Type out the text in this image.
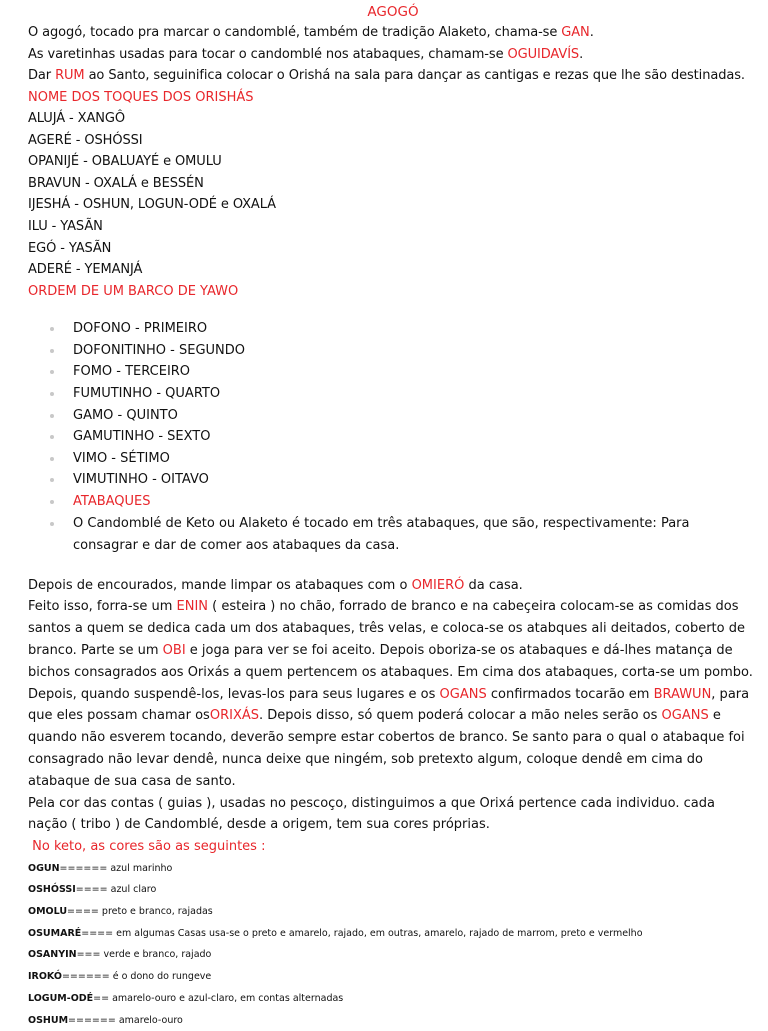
AGOGÓ

O agogó, tocado pra marcar o candomblé, também de tradição Alaketo, chama-se GAN.

As varetinhas usadas para tocar o candomblé nos atabaques, chamam-se OGUIDAVÍS.

Dar RUM ao Santo, seguinifica colocar o Orishá na sala para dançar as cantigas e rezas que lhe são destinadas.

NOME DOS TOQUES DOS ORISHÁS

ALUJÁ - XANGÔ

AGERÉ - OSHÓSSI

OPANIJÉ - OBALUAYÉ e OMULU

BRAVUN - OXALÁ e BESSÉN

IJESHÁ - OSHUN, LOGUN-ODÉ e OXALÁ

ILU - YASÃN

EGÓ - YASÃN

ADERÉ - YEMANJÁ

ORDEM DE UM BARCO DE YAWO

DOFONO - PRIMEIRO
DOFONITINHO - SEGUNDO
FOMO - TERCEIRO
FUMUTINHO - QUARTO
GAMO - QUINTO
GAMUTINHO - SEXTO
VIMO - SÉTIMO
VIMUTINHO - OITAVO
ATABAQUES
O Candomblé de Keto ou Alaketo é tocado em três atabaques, que são, respectivamente: Para consagrar e dar de comer aos atabaques da casa.

Depois de encourados, mande limpar os atabaques com o OMIERÓ da casa.

Feito isso, forra-se um ENIN ( esteira ) no chão, forrado de branco e na cabeçeira colocam-se as comidas dos santos a quem se dedica cada um dos atabaques, três velas, e coloca-se os atabques ali deitados, coberto de branco. Parte se um OBI e joga para ver se foi aceito. Depois oboriza-se os atabaques e dá-lhes matança de bichos consagrados aos Orixás a quem pertencem os atabaques. Em cima dos atabaques, corta-se um pombo. Depois, quando suspendê-los, levas-los para seus lugares e os OGANS confirmados tocarão em BRAWUN, para que eles possam chamar osORIXÁS. Depois disso, só quem poderá colocar a mão neles serão os OGANS e quando não esverem tocando, deverão sempre estar cobertos de branco. Se santo para o qual o atabaque foi consagrado não levar dendê, nunca deixe que ningém, sob pretexto algum, coloque dendê em cima do atabaque de sua casa de santo.

Pela cor das contas ( guias ), usadas no pescoço, distinguimos a que Orixá pertence cada individuo. cada nação ( tribo ) de Candomblé, desde a origem, tem sua cores próprias.

No keto, as cores são as seguintes :

OGUN====== azul marinho

OSHÓSSI==== azul claro

OMOLU==== preto e branco, rajadas

OSUMARÉ==== em algumas Casas usa-se o preto e amarelo, rajado, em outras, amarelo, rajado de marrom, preto e vermelho

OSANYIN=== verde e branco, rajado

IROKÓ====== é o dono do rungeve

LOGUM-ODÉ== amarelo-ouro e azul-claro, em contas alternadas

OSHUM====== amarelo-ouro
